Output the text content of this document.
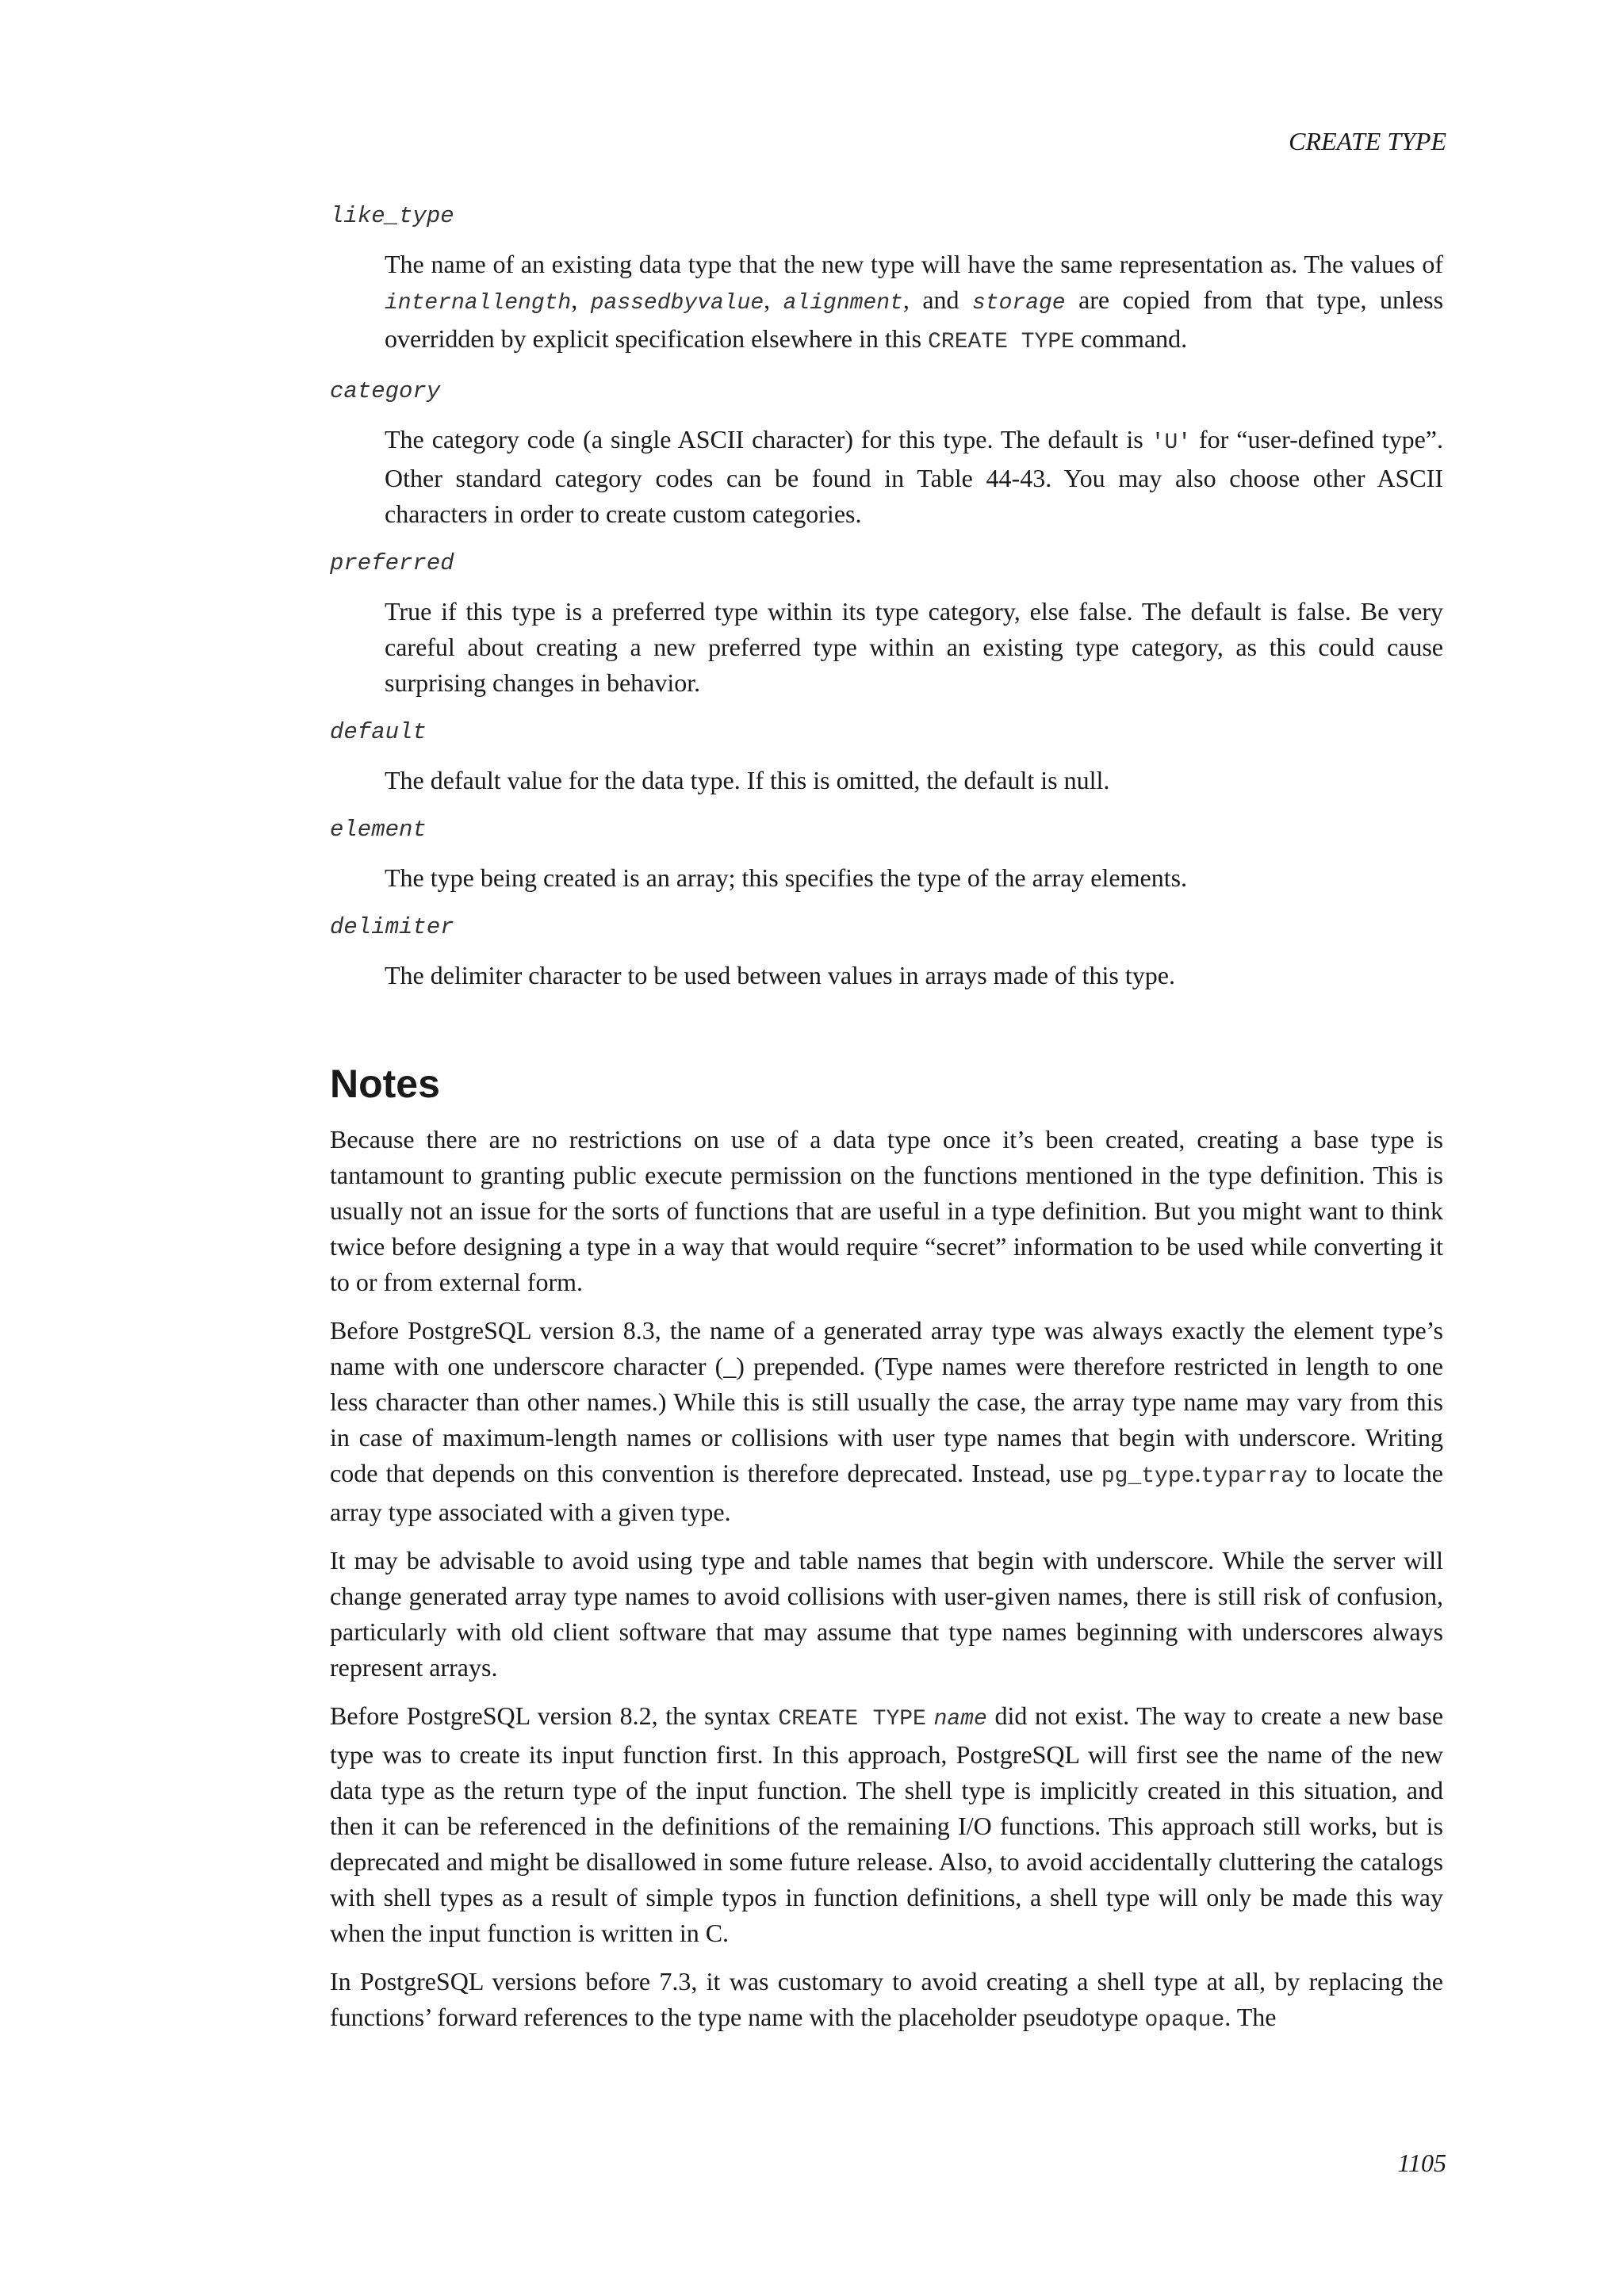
CREATE TYPE

like_type

The name of an existing data type that the new type will have the same representation as. The values of internallength, passedbyvalue, alignment, and storage are copied from that type, unless overridden by explicit specification elsewhere in this CREATE TYPE command.

category

The category code (a single ASCII character) for this type. The default is 'U' for “user-defined type”. Other standard category codes can be found in Table 44-43. You may also choose other ASCII characters in order to create custom categories.

preferred

True if this type is a preferred type within its type category, else false. The default is false. Be very careful about creating a new preferred type within an existing type category, as this could cause surprising changes in behavior.

default

The default value for the data type. If this is omitted, the default is null.

element

The type being created is an array; this specifies the type of the array elements.

delimiter

The delimiter character to be used between values in arrays made of this type.
Notes

Because there are no restrictions on use of a data type once it’s been created, creating a base type is tantamount to granting public execute permission on the functions mentioned in the type definition. This is usually not an issue for the sorts of functions that are useful in a type definition. But you might want to think twice before designing a type in a way that would require “secret” information to be used while converting it to or from external form.

Before PostgreSQL version 8.3, the name of a generated array type was always exactly the element type’s name with one underscore character (_) prepended. (Type names were therefore restricted in length to one less character than other names.) While this is still usually the case, the array type name may vary from this in case of maximum-length names or collisions with user type names that begin with underscore. Writing code that depends on this convention is therefore deprecated. Instead, use pg_type.typarray to locate the array type associated with a given type.

It may be advisable to avoid using type and table names that begin with underscore. While the server will change generated array type names to avoid collisions with user-given names, there is still risk of confusion, particularly with old client software that may assume that type names beginning with underscores always represent arrays.

Before PostgreSQL version 8.2, the syntax CREATE TYPE name did not exist. The way to create a new base type was to create its input function first. In this approach, PostgreSQL will first see the name of the new data type as the return type of the input function. The shell type is implicitly created in this situation, and then it can be referenced in the definitions of the remaining I/O functions. This approach still works, but is deprecated and might be disallowed in some future release. Also, to avoid accidentally cluttering the catalogs with shell types as a result of simple typos in function definitions, a shell type will only be made this way when the input function is written in C.

In PostgreSQL versions before 7.3, it was customary to avoid creating a shell type at all, by replacing the functions’ forward references to the type name with the placeholder pseudotype opaque. The

1105
